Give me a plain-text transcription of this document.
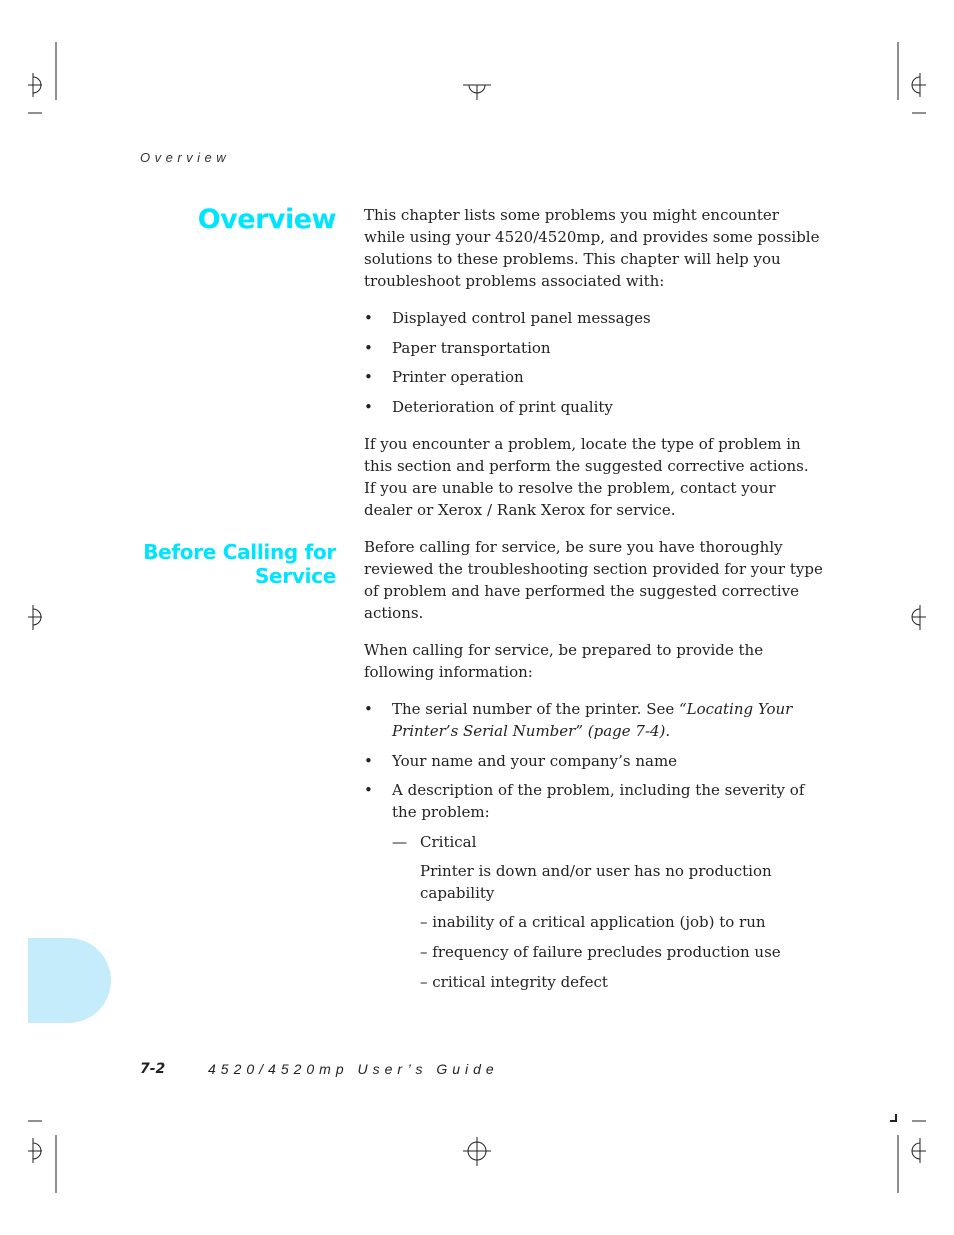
Overview
Overview This chapter lists some problems you might encounter while using your 4520/4520mp, and provides some possible solutions to these problems. This chapter will help you troubleshoot problems associated with:

• Displayed control panel messages
• Paper transportation
• Printer operation
• Deterioration of print quality

If you encounter a problem, locate the type of problem in this section and perform the suggested corrective actions. If you are unable to resolve the problem, contact your dealer or Xerox / Rank Xerox for service.

Before Calling for Service

Before calling for service, be sure you have thoroughly reviewed the troubleshooting section provided for your type of problem and have performed the suggested corrective actions.

When calling for service, be prepared to provide the following information:

• The serial number of the printer. See “Locating Your Printer’s Serial Number” (page 7-4).
• Your name and your company’s name
• A description of the problem, including the severity of the problem:
— Critical

Printer is down and/or user has no production capability

– inability of a critical application (job) to run
– frequency of failure precludes production use
– critical integrity defect
7-2	4520/4520mp User’s Guide
